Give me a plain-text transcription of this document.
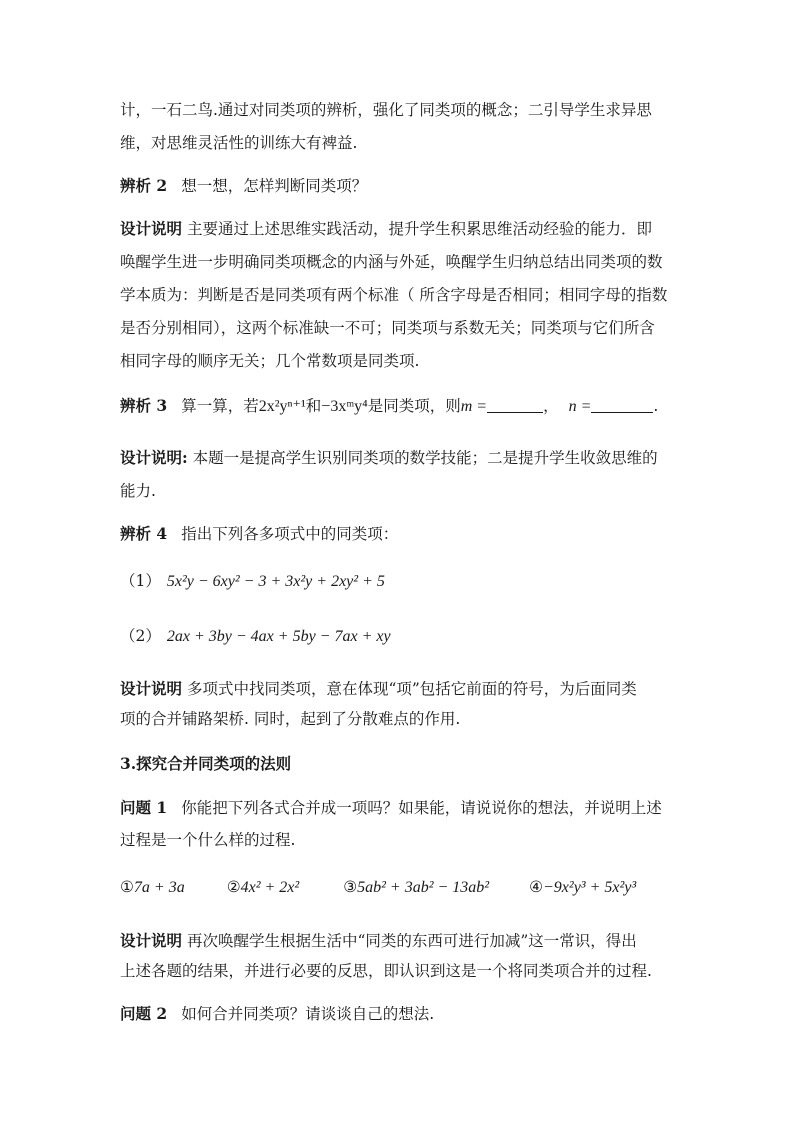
计，一石二鸟.通过对同类项的辨析，强化了同类项的概念；二引导学生求异思
维，对思维灵活性的训练大有裨益.
辨析 2 想一想，怎样判断同类项？
设计说明 主要通过上述思维实践活动，提升学生积累思维活动经验的能力．即
唤醒学生进一步明确同类项概念的内涵与外延，唤醒学生归纳总结出同类项的数
学本质为：判断是否是同类项有两个标准（ 所含字母是否相同；相同字母的指数
是否分别相同），这两个标准缺一不可；同类项与系数无关；同类项与它们所含
相同字母的顺序无关；几个常数项是同类项.
辨析 3 算一算，若2x²yⁿ⁺¹和−3xᵐy⁴是同类项，则m =	， n =	.
设计说明: 本题一是提高学生识别同类项的数学技能；二是提升学生收敛思维的
能力.
辨析 4 指出下列各多项式中的同类项：
（1） 5x²y − 6xy² − 3 + 3x²y + 2xy² + 5
（2） 2ax + 3by − 4ax + 5by − 7ax + xy
设计说明 多项式中找同类项，意在体现“项”包括它前面的符号，为后面同类
项的合并铺路架桥. 同时，起到了分散难点的作用.
3.探究合并同类项的法则
问题 1 你能把下列各式合并成一项吗？如果能，请说说你的想法，并说明上述
过程是一个什么样的过程.
①7a + 3a	②4x² + 2x²	③5ab² + 3ab² − 13ab²	④−9x²y³ + 5x²y³
设计说明 再次唤醒学生根据生活中“同类的东西可进行加减”这一常识，得出
上述各题的结果，并进行必要的反思，即认识到这是一个将同类项合并的过程.
问题 2 如何合并同类项？请谈谈自己的想法.
